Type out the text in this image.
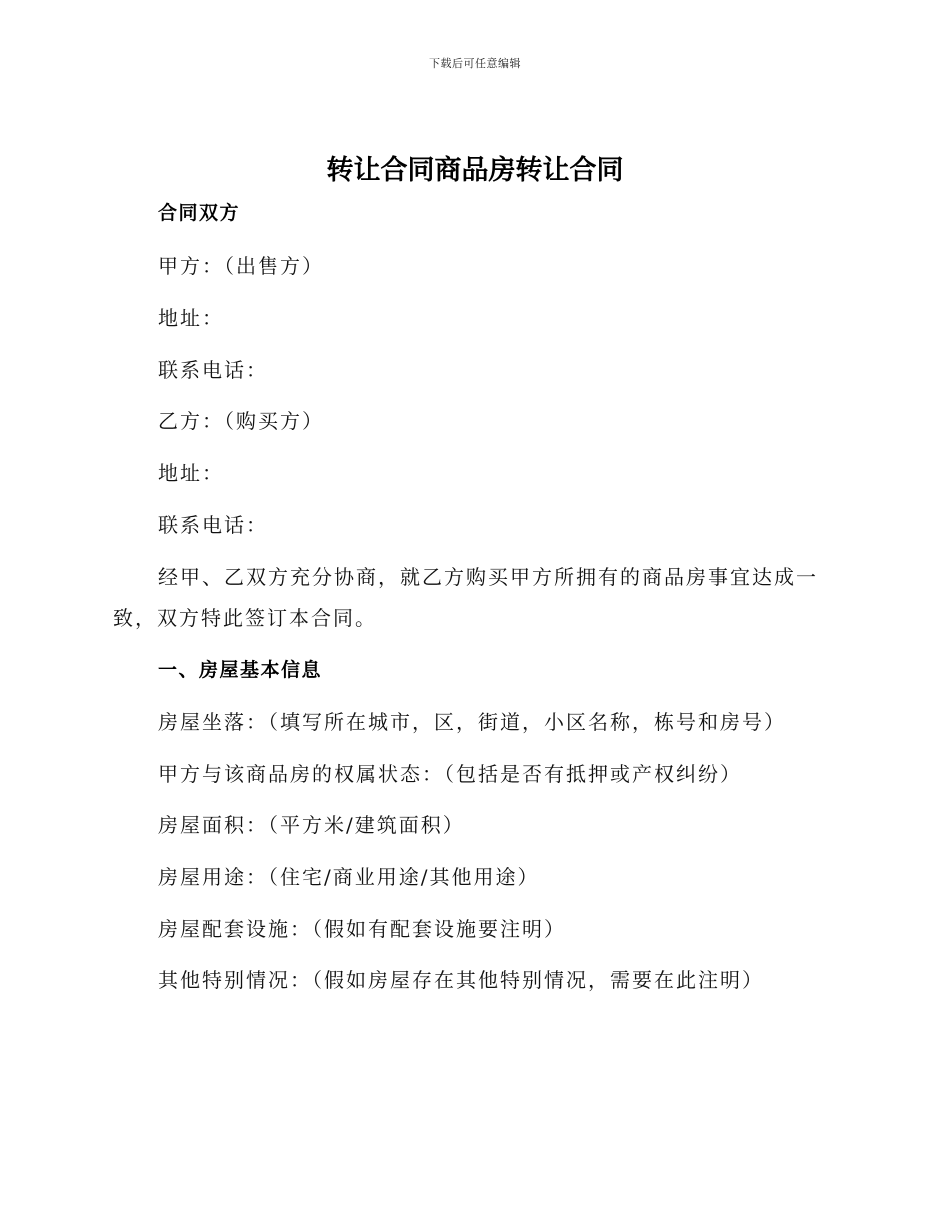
下载后可任意编辑
转让合同商品房转让合同
合同双方
甲方：（出售方）
地址：
联系电话：
乙方：（购买方）
地址：
联系电话：
经甲、乙双方充分协商，就乙方购买甲方所拥有的商品房事宜达成一
致，双方特此签订本合同。
一、房屋基本信息
房屋坐落：（填写所在城市，区，街道，小区名称，栋号和房号）
甲方与该商品房的权属状态：（包括是否有抵押或产权纠纷）
房屋面积：（平方米/建筑面积）
房屋用途：（住宅/商业用途/其他用途）
房屋配套设施：（假如有配套设施要注明）
其他特别情况：（假如房屋存在其他特别情况，需要在此注明）
